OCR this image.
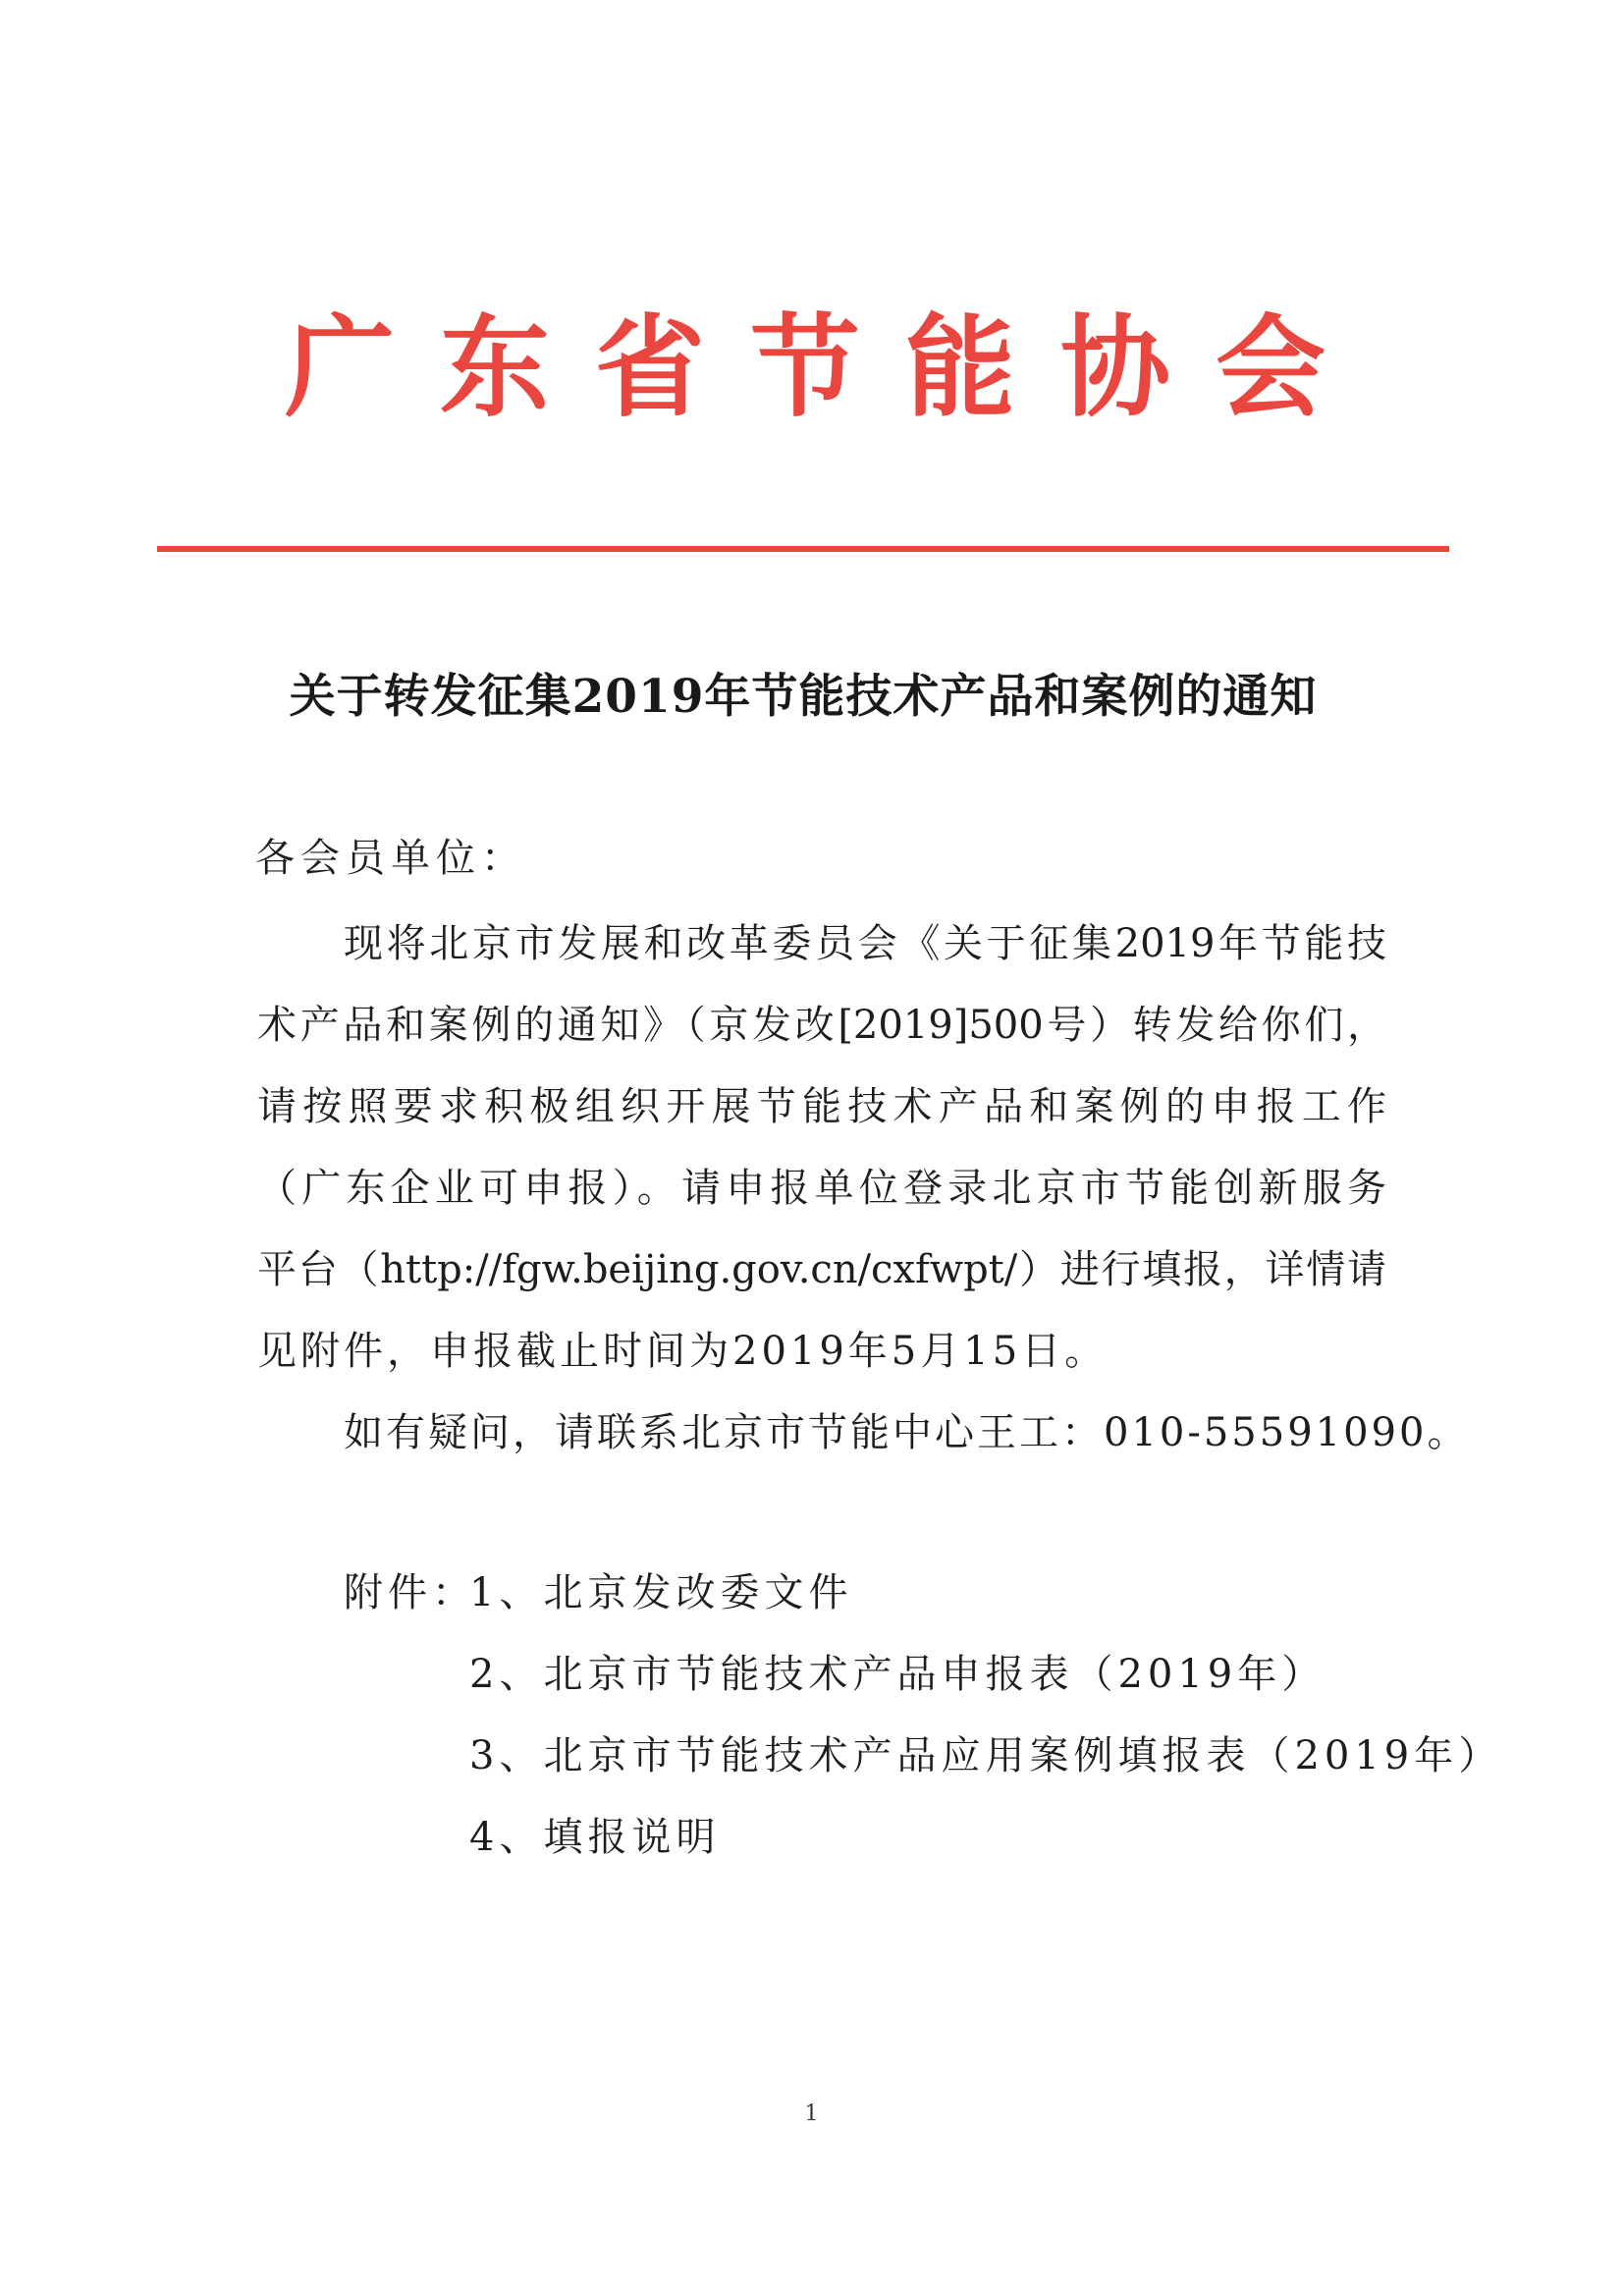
广 东 省 节 能 协 会
关于转发征集2019年节能技术产品和案例的通知
各会员单位：
现将北京市发展和改革委员会《关于征集2019年节能技
术产品和案例的通知》（京发改[2019]500号）转发给你们，
请按照要求积极组织开展节能技术产品和案例的申报工作
（广东企业可申报）。请申报单位登录北京市节能创新服务
平台（http://fgw.beijing.gov.cn/cxfwpt/）进行填报，详情请
见附件，申报截止时间为2019年5月15日。
如有疑问，请联系北京市节能中心王工：010-55591090。
附件：
1、北京发改委文件
2、北京市节能技术产品申报表（2019年）
3、北京市节能技术产品应用案例填报表（2019年）
4、填报说明
1
